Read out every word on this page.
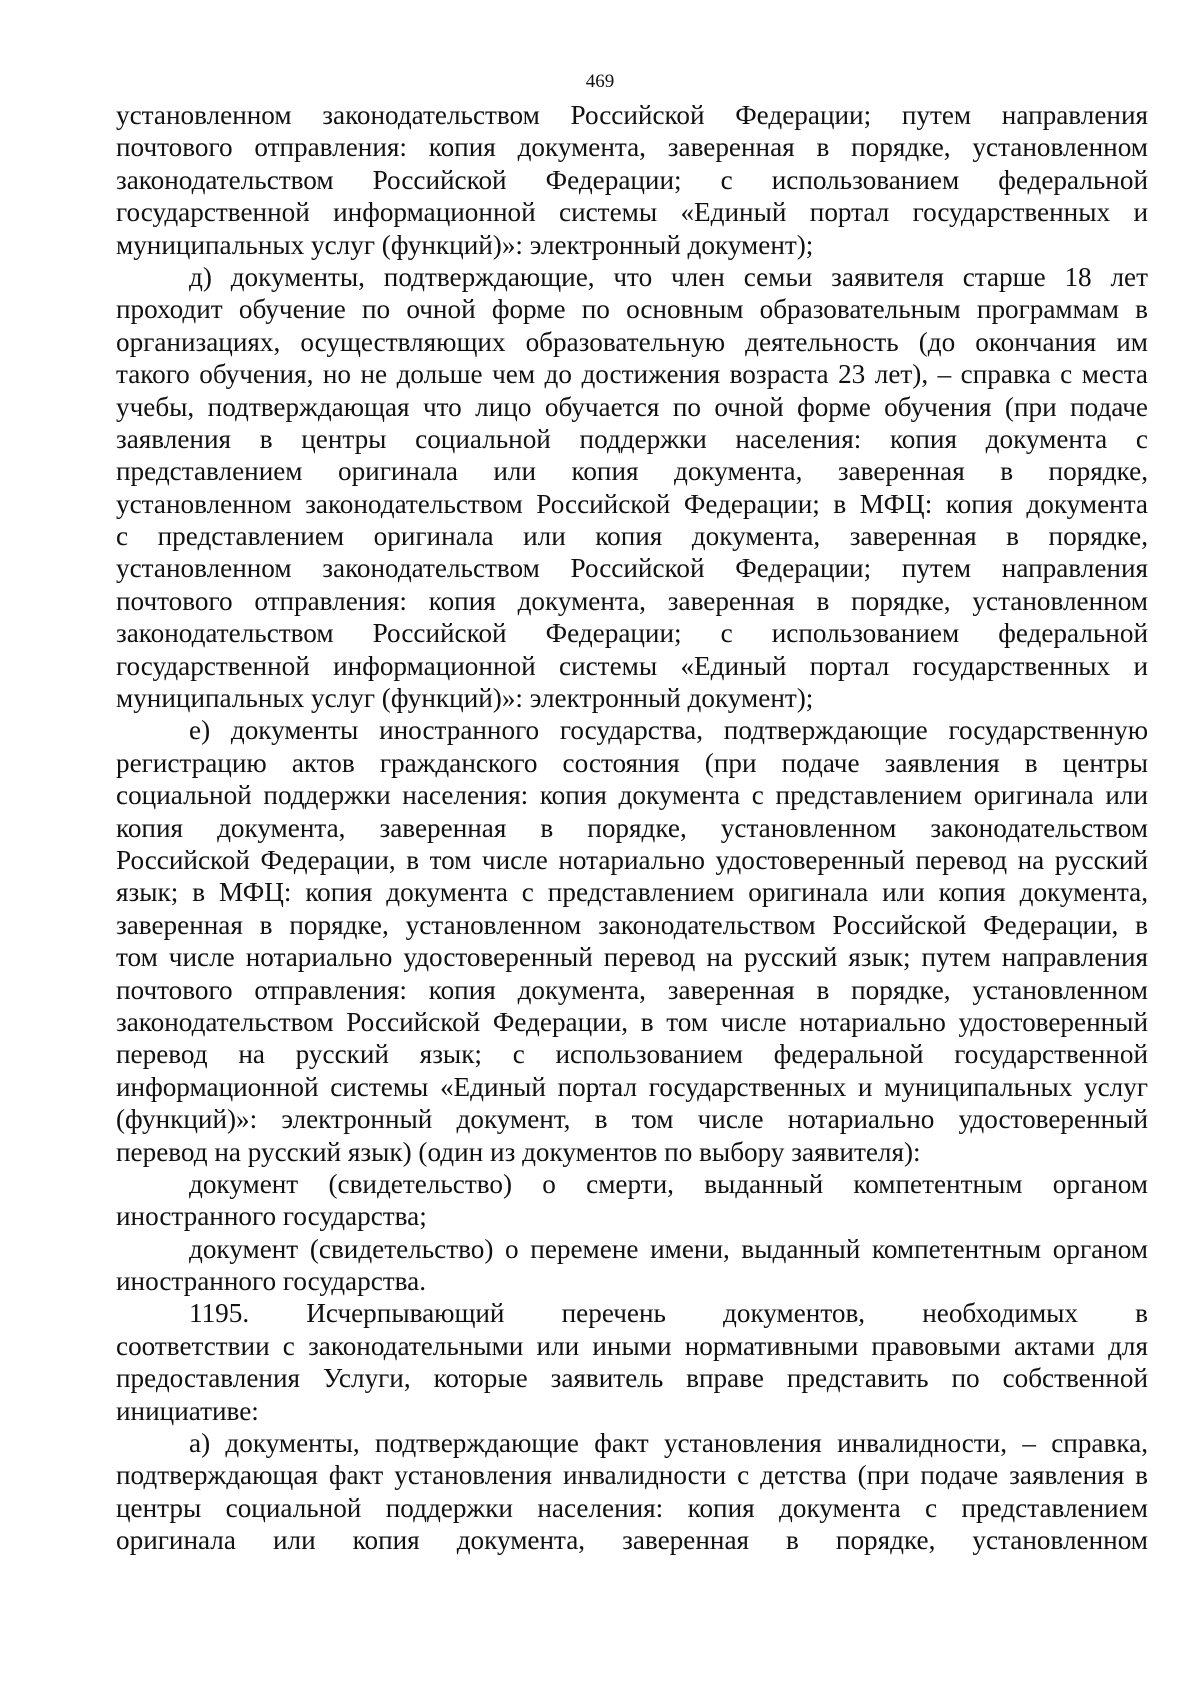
469
установленном законодательством Российской Федерации; путем направления
почтового отправления: копия документа, заверенная в порядке, установленном
законодательством Российской Федерации; с использованием федеральной
государственной информационной системы «Единый портал государственных и
муниципальных услуг (функций)»: электронный документ);
д) документы, подтверждающие, что член семьи заявителя старше 18 лет
проходит обучение по очной форме по основным образовательным программам в
организациях, осуществляющих образовательную деятельность (до окончания им
такого обучения, но не дольше чем до достижения возраста 23 лет), – справка с места
учебы, подтверждающая что лицо обучается по очной форме обучения (при подаче
заявления в центры социальной поддержки населения: копия документа с
представлением оригинала или копия документа, заверенная в порядке,
установленном законодательством Российской Федерации; в МФЦ: копия документа
с представлением оригинала или копия документа, заверенная в порядке,
установленном законодательством Российской Федерации; путем направления
почтового отправления: копия документа, заверенная в порядке, установленном
законодательством Российской Федерации; с использованием федеральной
государственной информационной системы «Единый портал государственных и
муниципальных услуг (функций)»: электронный документ);
е) документы иностранного государства, подтверждающие государственную
регистрацию актов гражданского состояния (при подаче заявления в центры
социальной поддержки населения: копия документа с представлением оригинала или
копия документа, заверенная в порядке, установленном законодательством
Российской Федерации, в том числе нотариально удостоверенный перевод на русский
язык; в МФЦ: копия документа с представлением оригинала или копия документа,
заверенная в порядке, установленном законодательством Российской Федерации, в
том числе нотариально удостоверенный перевод на русский язык; путем направления
почтового отправления: копия документа, заверенная в порядке, установленном
законодательством Российской Федерации, в том числе нотариально удостоверенный
перевод на русский язык; с использованием федеральной государственной
информационной системы «Единый портал государственных и муниципальных услуг
(функций)»: электронный документ, в том числе нотариально удостоверенный
перевод на русский язык) (один из документов по выбору заявителя):
документ (свидетельство) о смерти, выданный компетентным органом
иностранного государства;
документ (свидетельство) о перемене имени, выданный компетентным органом
иностранного государства.
1195. Исчерпывающий перечень документов, необходимых в
соответствии с законодательными или иными нормативными правовыми актами для
предоставления Услуги, которые заявитель вправе представить по собственной
инициативе:
а) документы, подтверждающие факт установления инвалидности, – справка,
подтверждающая факт установления инвалидности с детства (при подаче заявления в
центры социальной поддержки населения: копия документа с представлением
оригинала или копия документа, заверенная в порядке, установленном
